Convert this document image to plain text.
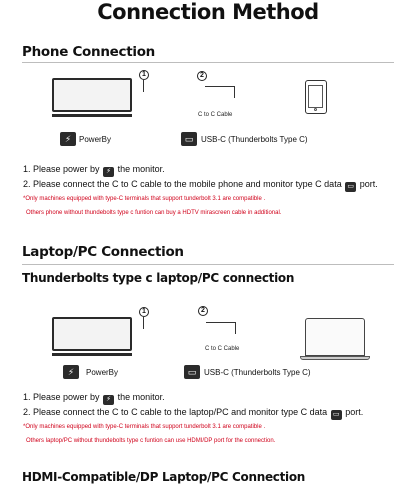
Connection Method
Phone Connection
1	2
C to C Cable
⚡ PowerBy	▭ USB-C (Thunderbolts Type C)
1. Please power by ⚡ the monitor.
2. Please connect the C to C cable to the mobile phone and monitor type C data ▭ port.
*Only machines equipped with type-C terminals that support tunderbolt 3.1 are compatible .
Others phone without thundebolts type c funtion can buy a HDTV mirascreen cable in additional.
Laptop/PC Connection
Thunderbolts type c laptop/PC connection
1	2
C to C Cable
⚡	PowerBy	▭ USB-C (Thunderbolts Type C)
1. Please power by ⚡ the monitor.
2. Please connect the C to C cable to the laptop/PC and monitor type C data ▭ port.
*Only machines equipped with type-C terminals that support tunderbolt 3.1 are compatible .
Others laptop/PC without thundebolts type c funtion can use HDMI/DP port for the connection.
HDMI-Compatible/DP Laptop/PC Connection
